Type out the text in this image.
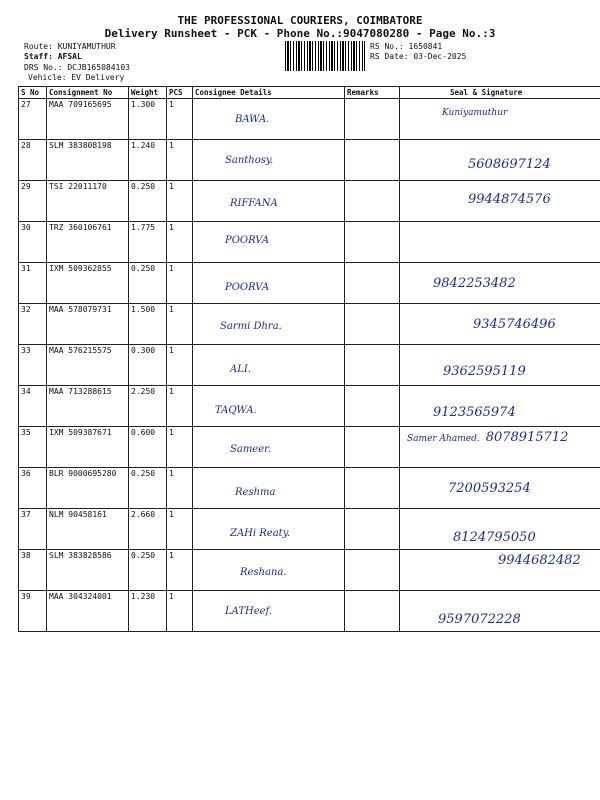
THE PROFESSIONAL COURIERS, COIMBATORE
Delivery Runsheet - PCK - Phone No.:9047080280 - Page No.:3
Route: KUNIYAMUTHUR
Staff: AFSAL
DRS No.: DCJB165084103
Vehicle: EV Delivery
RS No.: 1650841
RS Date: 03-Dec-2025
S No	Consignment No	Weight	PCS	Consignee Details	Remarks	Seal & Signature
27	MAA 709165695	1.300	1	BAWA.		Kuniyamuthur

28	SLM 383808198	1.240	1	Santhosy.		5608697124

29	TSI 22011170	0.250	1	RIFFANA		9944874576

30	TRZ 360106761	1.775	1	POORVA		

31	IXM 509362855	0.250	1	POORVA		9842253482

32	MAA 578079731	1.500	1	Sarmi Dhra.		9345746496

33	MAA 576215575	0.300	1	ALI.		9362595119

34	MAA 713288615	2.250	1	TAQWA.		9123565974

35	IXM 509387671	0.600	1	Sameer.		Samer Ahamed. 8078915712

36	BLR 9000695280	0.250	1	Reshma		7200593254

37	NLM 90458161	2.660	1	ZAHi Reaty.		8124795050

38	SLM 383828586	0.250	1	Reshana.		9944682482

39	MAA 304324001	1.230	1	LATHeef.		9597072228
